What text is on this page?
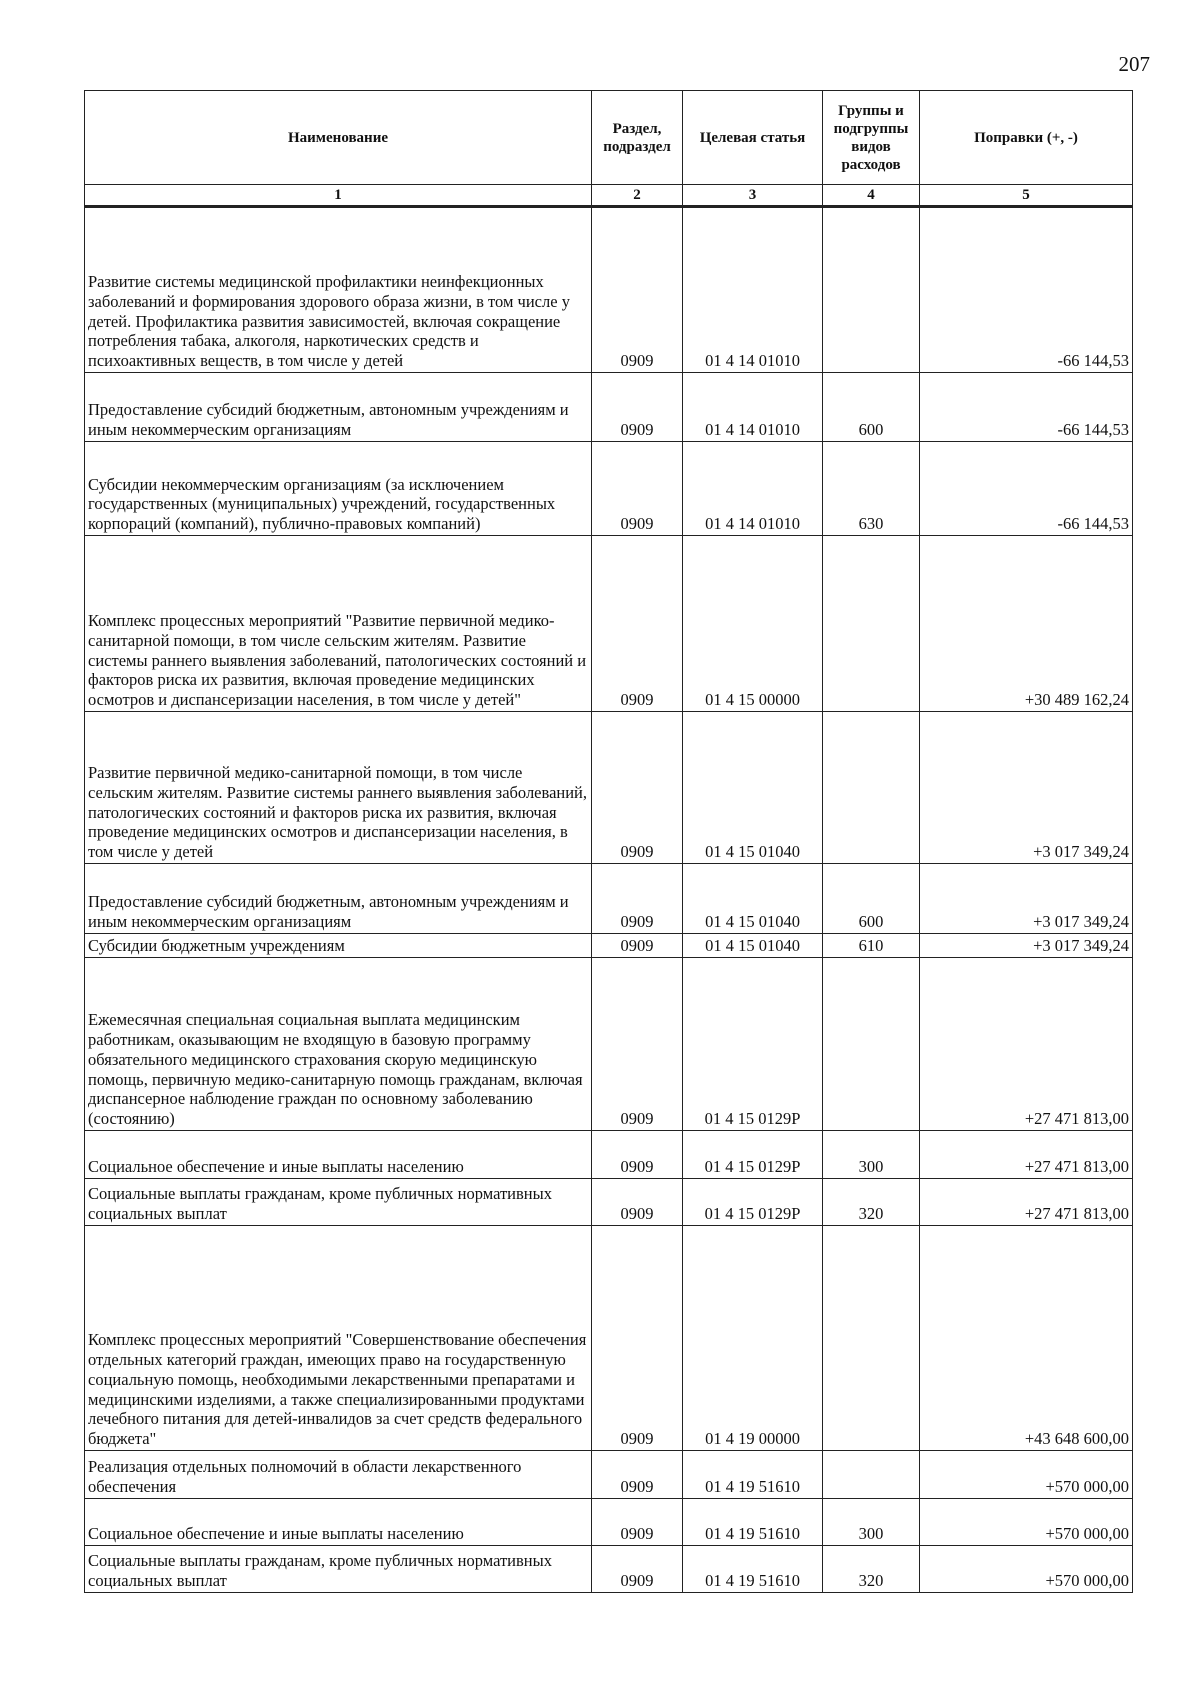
207
Наименование	Раздел, подраздел	Целевая статья	Группы и подгруппы видов расходов	Поправки (+, -)
1	2	3	4	5
Развитие системы медицинской профилактики неинфекционных заболеваний и формирования здорового образа жизни, в том числе у детей. Профилактика развития зависимостей, включая сокращение потребления табака, алкоголя, наркотических средств и психоактивных веществ, в том числе у детей	0909	01 4 14 01010		-66 144,53
Предоставление субсидий бюджетным, автономным учреждениям и иным некоммерческим организациям	0909	01 4 14 01010	600	-66 144,53
Субсидии некоммерческим организациям (за исключением государственных (муниципальных) учреждений, государственных корпораций (компаний), публично-правовых компаний)	0909	01 4 14 01010	630	-66 144,53
Комплекс процессных мероприятий "Развитие первичной медико-санитарной помощи, в том числе сельским жителям. Развитие системы раннего выявления заболеваний, патологических состояний и факторов риска их развития, включая проведение медицинских осмотров и диспансеризации населения, в том числе у детей"	0909	01 4 15 00000		+30 489 162,24
Развитие первичной медико-санитарной помощи, в том числе сельским жителям. Развитие системы раннего выявления заболеваний, патологических состояний и факторов риска их развития, включая проведение медицинских осмотров и диспансеризации населения, в том числе у детей	0909	01 4 15 01040		+3 017 349,24
Предоставление субсидий бюджетным, автономным учреждениям и иным некоммерческим организациям	0909	01 4 15 01040	600	+3 017 349,24
Субсидии бюджетным учреждениям	0909	01 4 15 01040	610	+3 017 349,24
Ежемесячная специальная социальная выплата медицинским работникам, оказывающим не входящую в базовую программу обязательного медицинского страхования скорую медицинскую помощь, первичную медико-санитарную помощь гражданам, включая диспансерное наблюдение граждан по основному заболеванию (состоянию)	0909	01 4 15 0129P		+27 471 813,00
Социальное обеспечение и иные выплаты населению	0909	01 4 15 0129P	300	+27 471 813,00
Социальные выплаты гражданам, кроме публичных нормативных социальных выплат	0909	01 4 15 0129P	320	+27 471 813,00
Комплекс процессных мероприятий "Совершенствование обеспечения отдельных категорий граждан, имеющих право на государственную социальную помощь, необходимыми лекарственными препаратами и медицинскими изделиями, а также специализированными продуктами лечебного питания для детей-инвалидов за счет средств федерального бюджета"	0909	01 4 19 00000		+43 648 600,00
Реализация отдельных полномочий в области лекарственного обеспечения	0909	01 4 19 51610		+570 000,00
Социальное обеспечение и иные выплаты населению	0909	01 4 19 51610	300	+570 000,00
Социальные выплаты гражданам, кроме публичных нормативных социальных выплат	0909	01 4 19 51610	320	+570 000,00
